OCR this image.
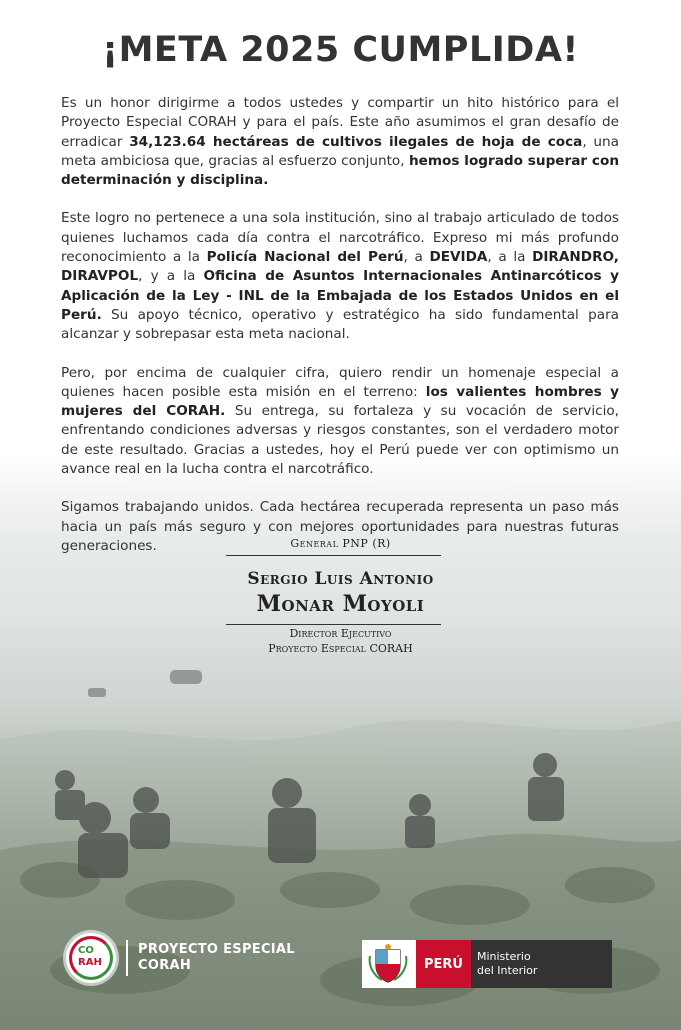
¡META 2025 CUMPLIDA!

Es un honor dirigirme a todos ustedes y compartir un hito histórico para el Proyecto Especial CORAH y para el país. Este año asumimos el gran desafío de erradicar 34,123.64 hectáreas de cultivos ilegales de hoja de coca, una meta ambiciosa que, gracias al esfuerzo conjunto, hemos logrado superar con determinación y disciplina.

Este logro no pertenece a una sola institución, sino al trabajo articulado de todos quienes luchamos cada día contra el narcotráfico. Expreso mi más profundo reconocimiento a la Policía Nacional del Perú, a DEVIDA, a la DIRANDRO, DIRAVPOL, y a la Oficina de Asuntos Internacionales Antinarcóticos y Aplicación de la Ley - INL de la Embajada de los Estados Unidos en el Perú. Su apoyo técnico, operativo y estratégico ha sido fundamental para alcanzar y sobrepasar esta meta nacional.

Pero, por encima de cualquier cifra, quiero rendir un homenaje especial a quienes hacen posible esta misión en el terreno: los valientes hombres y mujeres del CORAH. Su entrega, su fortaleza y su vocación de servicio, enfrentando condiciones adversas y riesgos constantes, son el verdadero motor de este resultado. Gracias a ustedes, hoy el Perú puede ver con optimismo un avance real en la lucha contra el narcotráfico.

Sigamos trabajando unidos. Cada hectárea recuperada representa un paso más hacia un país más seguro y con mejores oportunidades para nuestras futuras generaciones.	General PNP (R)
Sergio Luis Antonio
Monar Moyoli
Director Ejecutivo
Proyecto Especial CORAH
CO
RAH
PROYECTO ESPECIAL
CORAH	PERÚ	Ministerio
del Interior
